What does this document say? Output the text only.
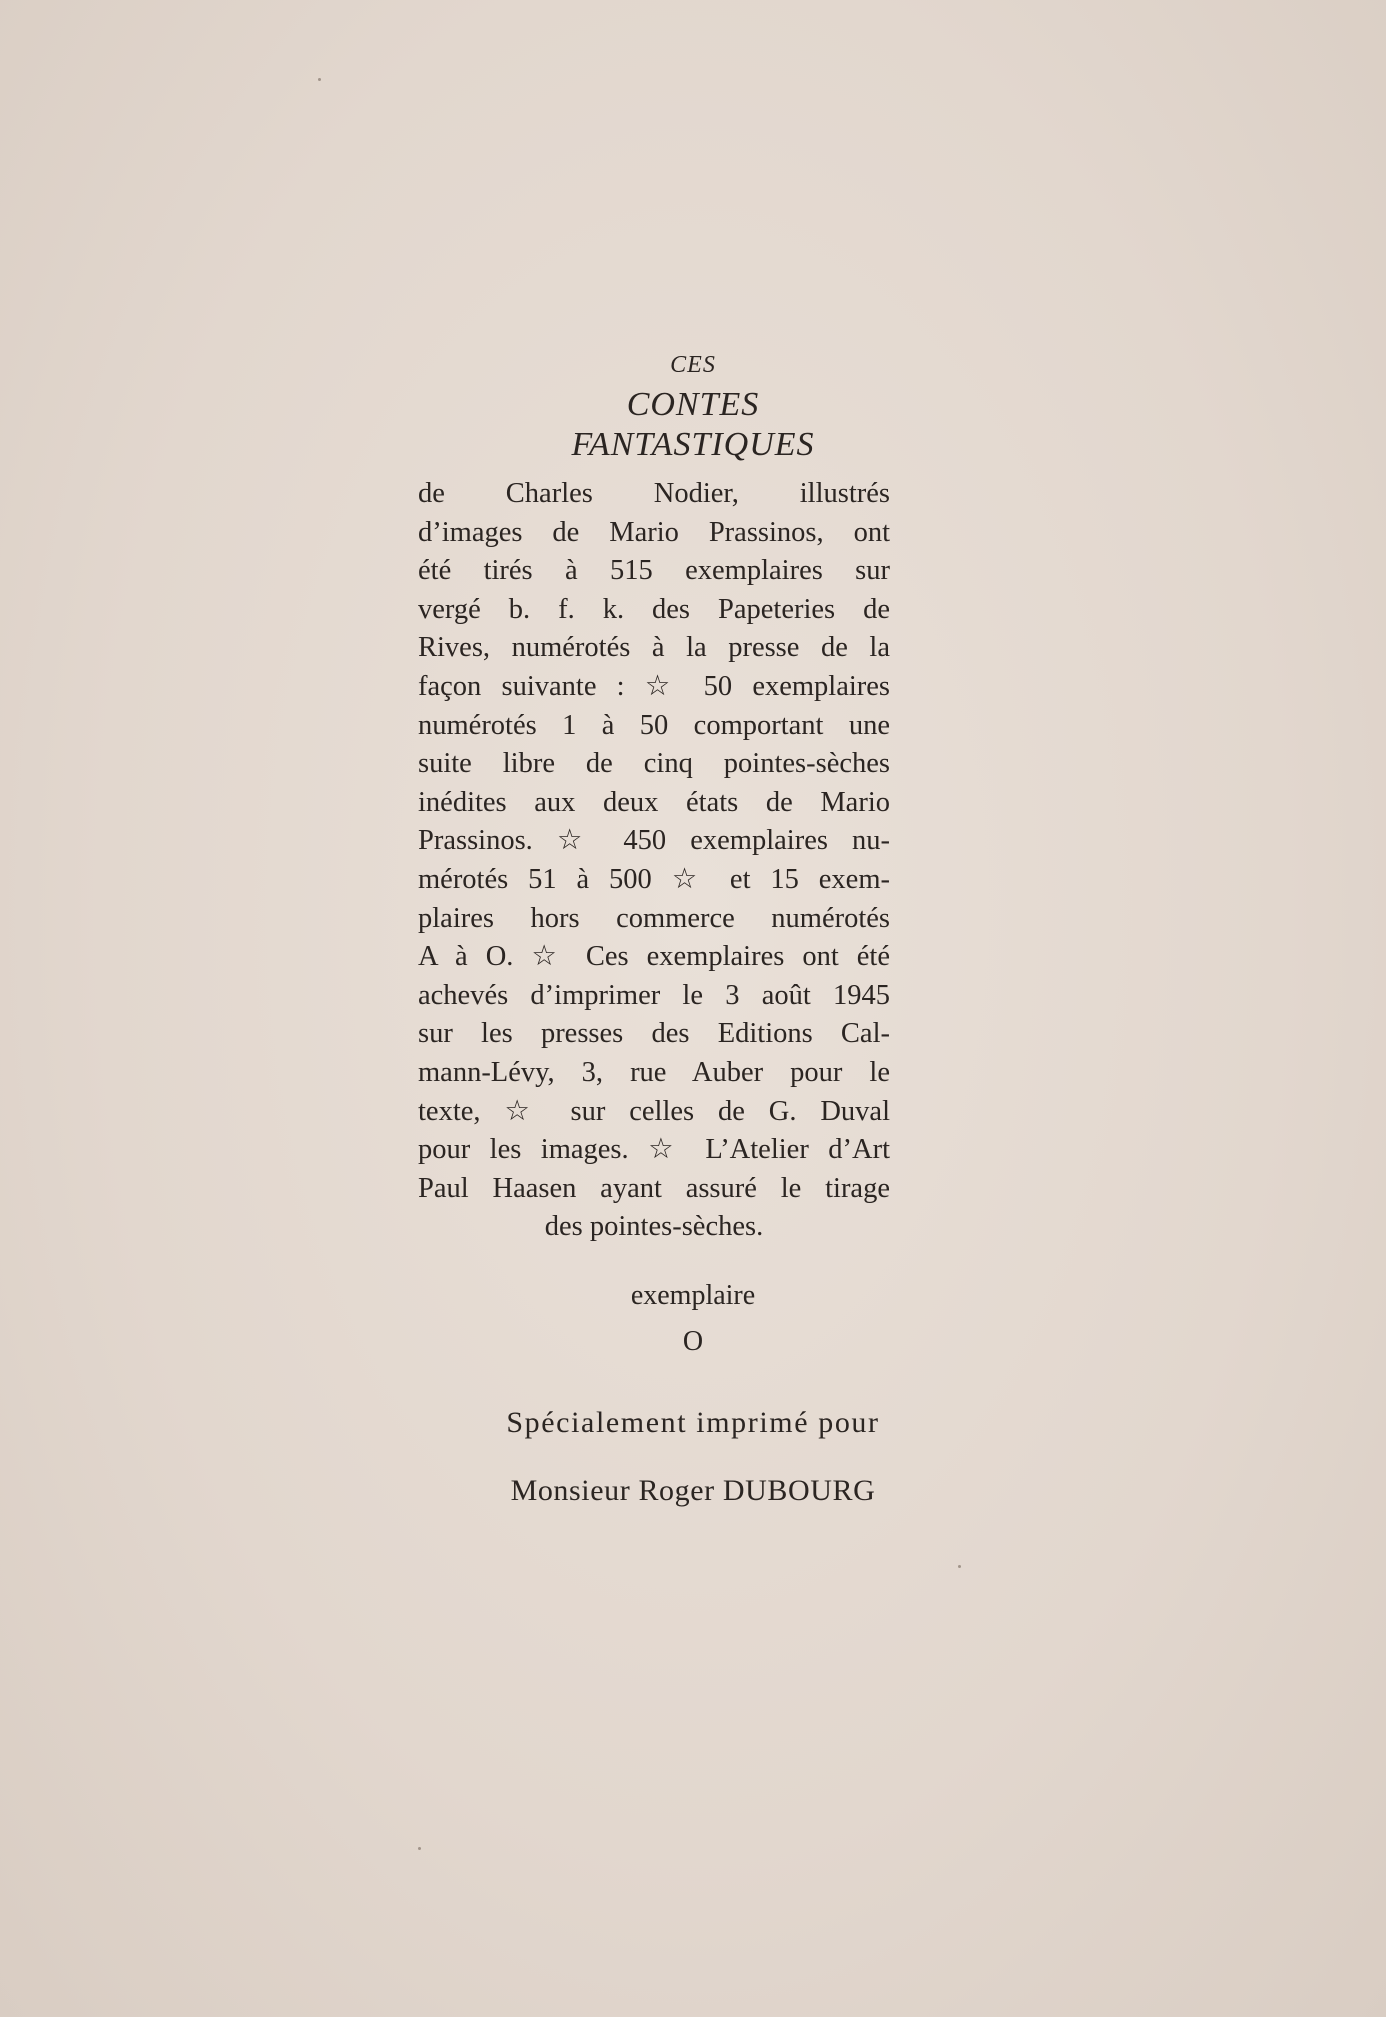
CES
CONTES
FANTASTIQUES
de Charles Nodier, illustrés
d’images de Mario Prassinos, ont
été tirés à 515 exemplaires sur
vergé b. f. k. des Papeteries de
Rives, numérotés à la presse de la
façon suivante : ☆ 50 exemplaires
numérotés 1 à 50 comportant une
suite libre de cinq pointes-sèches
inédites aux deux états de Mario
Prassinos. ☆ 450 exemplaires nu-
mérotés 51 à 500 ☆ et 15 exem-
plaires hors commerce numérotés
A à O. ☆ Ces exemplaires ont été
achevés d’imprimer le 3 août 1945
sur les presses des Editions Cal-
mann-Lévy, 3, rue Auber pour le
texte, ☆ sur celles de G. Duval
pour les images. ☆ L’Atelier d’Art
Paul Haasen ayant assuré le tirage
des pointes-sèches.
exemplaire
O
Spécialement imprimé pour
Monsieur Roger DUBOURG
